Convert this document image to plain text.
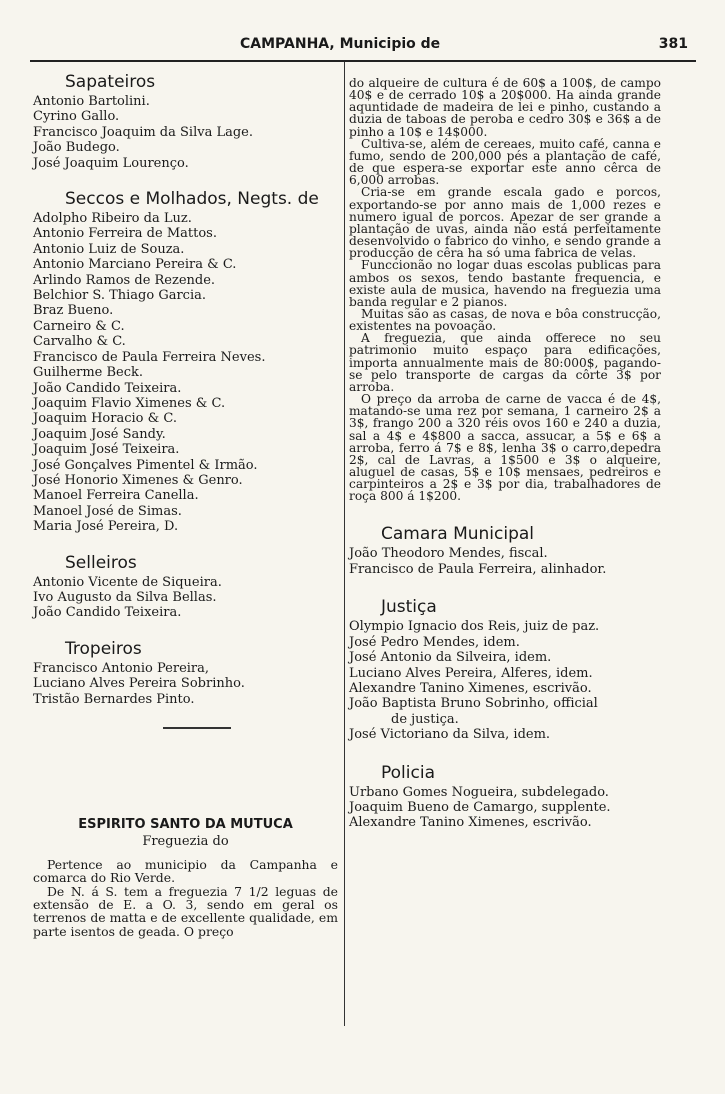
CAMPANHA, Municipio de	381
Sapateiros
Antonio Bartolini.
Cyrino Gallo.
Francisco Joaquim da Silva Lage.
João Budego.
José Joaquim Lourenço.
Seccos e Molhados, Negts. de
Adolpho Ribeiro da Luz.
Antonio Ferreira de Mattos.
Antonio Luiz de Souza.
Antonio Marciano Pereira & C.
Arlindo Ramos de Rezende.
Belchior S. Thiago Garcia.
Braz Bueno.
Carneiro & C.
Carvalho & C.
Francisco de Paula Ferreira Neves.
Guilherme Beck.
João Candido Teixeira.
Joaquim Flavio Ximenes & C.
Joaquim Horacio & C.
Joaquim José Sandy.
Joaquim José Teixeira.
José Gonçalves Pimentel & Irmão.
José Honorio Ximenes & Genro.
Manoel Ferreira Canella.
Manoel José de Simas.
Maria José Pereira, D.
Selleiros
Antonio Vicente de Siqueira.
Ivo Augusto da Silva Bellas.
João Candido Teixeira.
Tropeiros
Francisco Antonio Pereira,
Luciano Alves Pereira Sobrinho.
Tristão Bernardes Pinto.
ESPIRITO SANTO DA MUTUCA
Freguezia do
Pertence ao municipio da Campanha e comarca do Rio Verde.
De N. á S. tem a freguezia 7 1/2 leguas de extensão de E. a O. 3, sendo em geral os terrenos de matta e de excellente qualidade, em parte isentos de geada. O preço
do alqueire de cultura é de 60$ a 100$, de campo 40$ e de cerrado 10$ a 20$000. Ha ainda grande aquntidade de madeira de lei e pinho, custando a duzia de taboas de peroba e cedro 30$ e 36$ a de pinho a 10$ e 14$000.
Cultiva-se, além de cereaes, muito café, canna e fumo, sendo de 200,000 pés a plantação de café, de que espera-se exportar este anno cêrca de 6,000 arrobas.
Cria-se em grande escala gado e porcos, exportando-se por anno mais de 1,000 rezes e numero igual de porcos. Apezar de ser grande a plantação de uvas, ainda não está perfeitamente desenvolvido o fabrico do vinho, e sendo grande a producção de cêra ha só uma fabrica de velas.
Funccionão no logar duas escolas publicas para ambos os sexos, tendo bastante frequencia, e existe aula de musica, havendo na freguezia uma banda regular e 2 pianos.
Muitas são as casas, de nova e bôa construcção, existentes na povoação.
A freguezia, que ainda offerece no seu patrimonio muito espaço para edificações, importa annualmente mais de 80:000$, pagando-se pelo transporte de cargas da côrte 3$ por arroba.
O preço da arroba de carne de vacca é de 4$, matando-se uma rez por semana, 1 carneiro 2$ a 3$, frango 200 a 320 réis ovos 160 e 240 a duzia, sal a 4$ e 4$800 a sacca, assucar, a 5$ e 6$ a arroba, ferro á 7$ e 8$, lenha 3$ o carro,depedra 2$, cal de Lavras, a 1$500 e 3$ o alqueire, aluguel de casas, 5$ e 10$ mensaes, pedreiros e carpinteiros a 2$ e 3$ por dia, trabalhadores de roça 800 á 1$200.
Camara Municipal
João Theodoro Mendes, fiscal.
Francisco de Paula Ferreira, alinhador.
Justiça
Olympio Ignacio dos Reis, juiz de paz.
José Pedro Mendes, idem.
José Antonio da Silveira, idem.
Luciano Alves Pereira, Alferes, idem.
Alexandre Tanino Ximenes, escrivão.
João Baptista Bruno Sobrinho, official
de justiça.
José Victoriano da Silva, idem.
Policia
Urbano Gomes Nogueira, subdelegado.
Joaquim Bueno de Camargo, supplente.
Alexandre Tanino Ximenes, escrivão.
